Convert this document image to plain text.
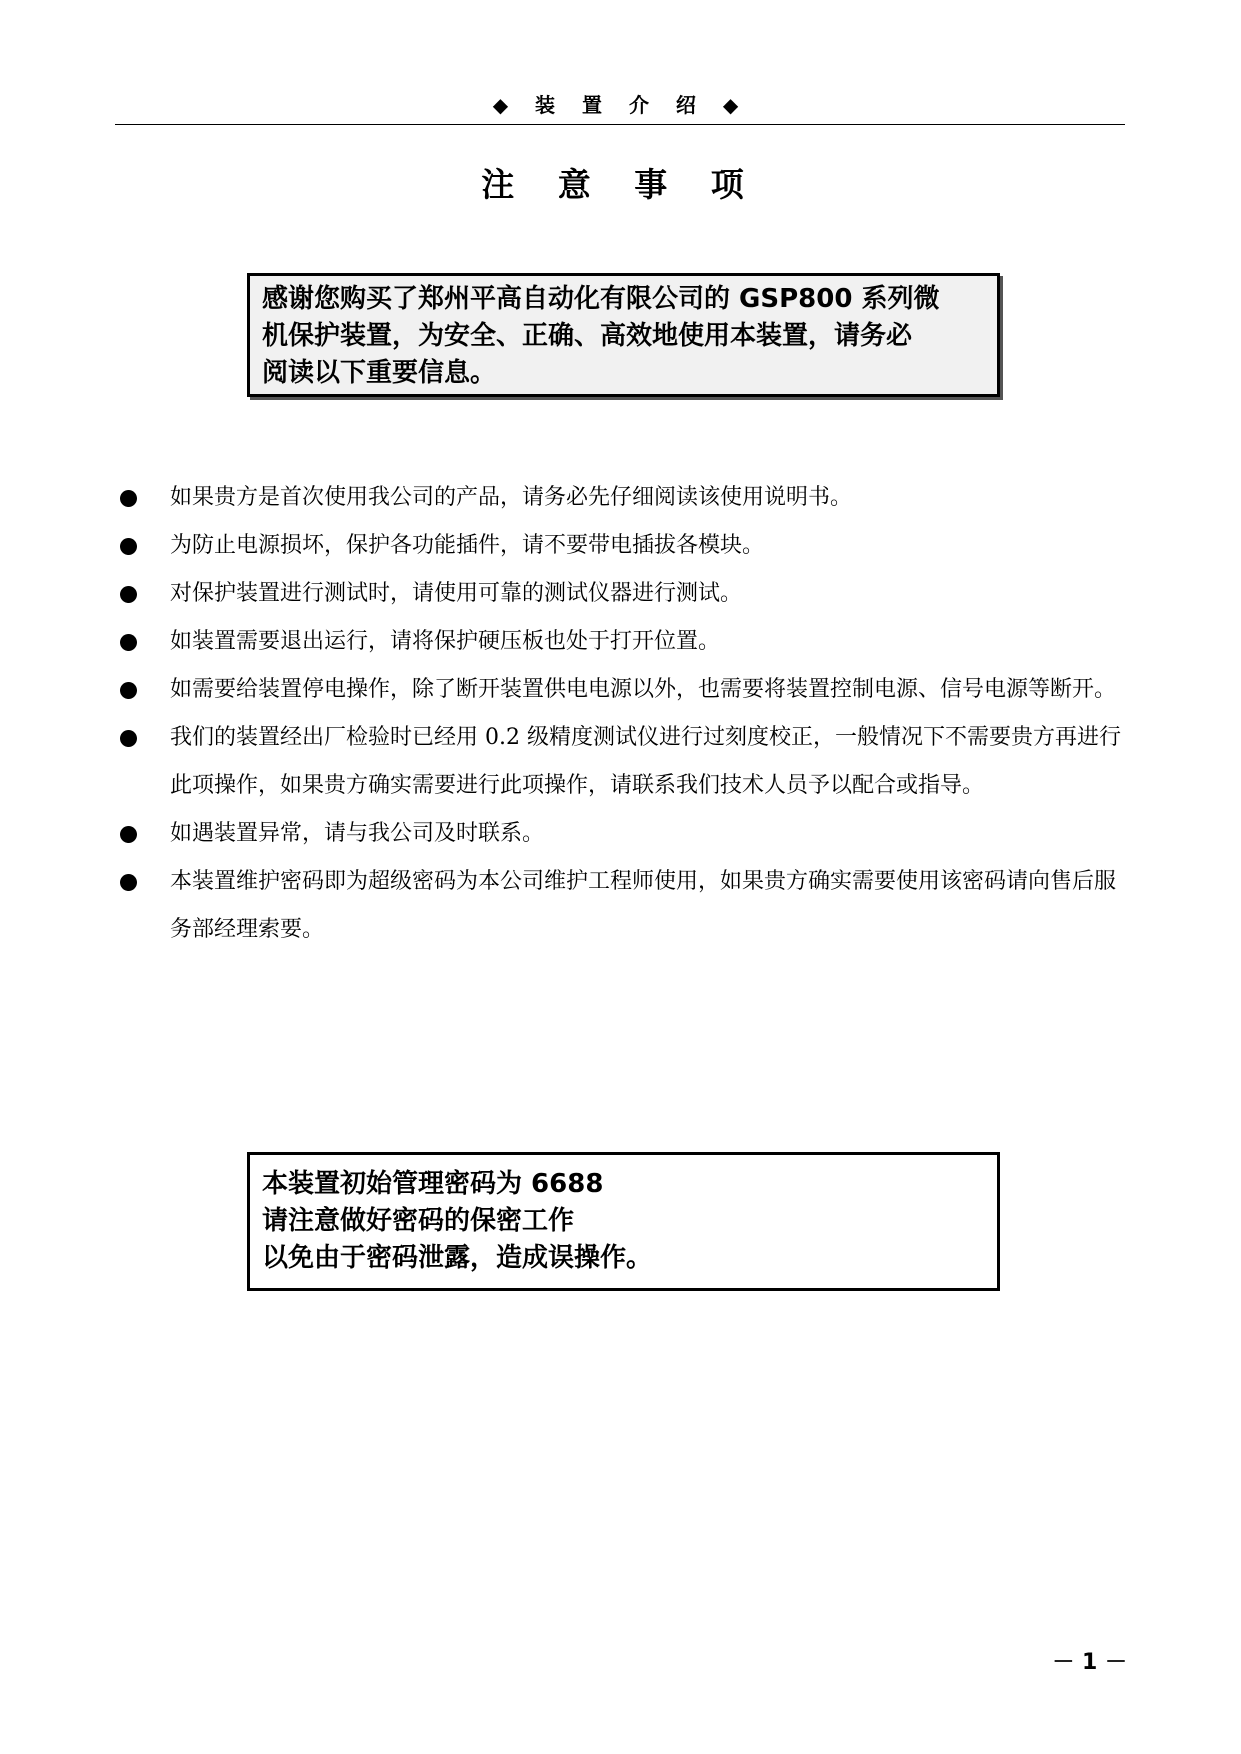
◆ 装 置 介 绍 ◆
注 意 事 项
感谢您购买了郑州平高自动化有限公司的 GSP800 系列微
机保护装置，为安全、正确、高效地使用本装置，请务必
阅读以下重要信息。
如果贵方是首次使用我公司的产品，请务必先仔细阅读该使用说明书。
为防止电源损坏，保护各功能插件，请不要带电插拔各模块。
对保护装置进行测试时，请使用可靠的测试仪器进行测试。
如装置需要退出运行，请将保护硬压板也处于打开位置。
如需要给装置停电操作，除了断开装置供电电源以外，也需要将装置控制电源、信号电源等断开。
我们的装置经出厂检验时已经用 0.2 级精度测试仪进行过刻度校正，一般情况下不需要贵方再进行此项操作，如果贵方确实需要进行此项操作，请联系我们技术人员予以配合或指导。
如遇装置异常，请与我公司及时联系。
本装置维护密码即为超级密码为本公司维护工程师使用，如果贵方确实需要使用该密码请向售后服务部经理索要。
本装置初始管理密码为 6688
请注意做好密码的保密工作
以免由于密码泄露，造成误操作。
－ 1 －
